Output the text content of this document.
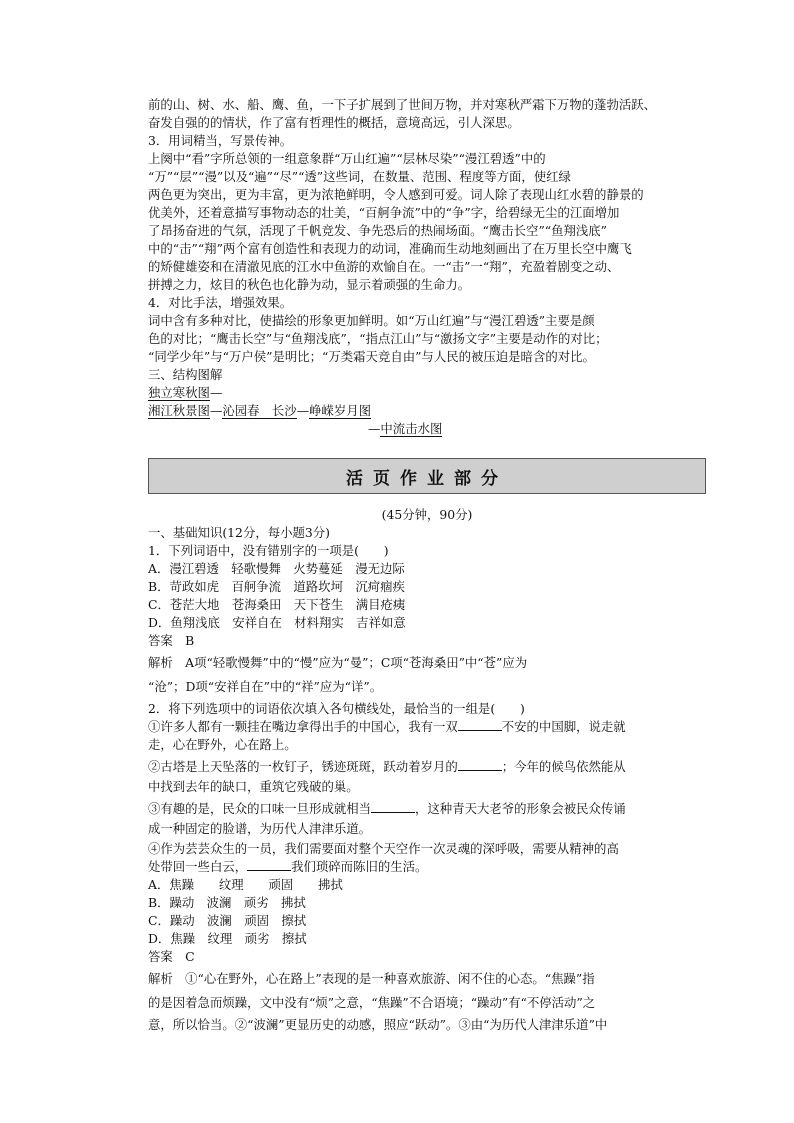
前的山、树、水、船、鹰、鱼，一下子扩展到了世间万物，并对寒秋严霜下万物的蓬勃活跃、
奋发自强的的情状，作了富有哲理性的概括，意境高远，引人深思。
3．用词精当，写景传神。
上阕中“看”字所总领的一组意象群“万山红遍”“层林尽染”“漫江碧透”中的
“万”“层”“漫”以及“遍”“尽”“透”这些词，在数量、范围、程度等方面，使红绿
两色更为突出，更为丰富，更为浓艳鲜明，令人感到可爱。词人除了表现山红水碧的静景的
优美外，还着意描写事物动态的壮美，“百舸争流”中的“争”字，给碧绿无尘的江面增加
了昂扬奋进的气氛，活现了千帆竞发、争先恐后的热闹场面。“鹰击长空”“鱼翔浅底”
中的“击”“翔”两个富有创造性和表现力的动词，准确而生动地刻画出了在万里长空中鹰飞
的矫健雄姿和在清澈见底的江水中鱼游的欢愉自在。一“击”一“翔”，充盈着剧变之动、
拼搏之力，炫目的秋色也化静为动，显示着顽强的生命力。
4．对比手法，增强效果。
词中含有多种对比，使描绘的形象更加鲜明。如“万山红遍”与“漫江碧透”主要是颜
色的对比；“鹰击长空”与“鱼翔浅底”，“指点江山”与“激扬文字”主要是动作的对比；
“同学少年”与“万户侯”是明比；“万类霜天竞自由”与人民的被压迫是暗含的对比。
三、结构图解
独立寒秋图—
湘江秋景图—沁园春　长沙—峥嵘岁月图
—中流击水图
活页作业部分
(45分钟，90分)
一、基础知识(12分，每小题3分)
1．下列词语中，没有错别字的一项是(　　)
A．漫江碧透　轻歌慢舞　火势蔓延　漫无边际
B．苛政如虎　百舸争流　道路坎坷　沉疴痼疾
C．苍茫大地　苍海桑田　天下苍生　满目疮痍
D．鱼翔浅底　安祥自在　材料翔实　吉祥如意
答案　B
解析　A项“轻歌慢舞”中的“慢”应为“曼”；C项“苍海桑田”中“苍”应为
“沧”；D项“安祥自在”中的“祥”应为“详”。
2．将下列选项中的词语依次填入各句横线处，最恰当的一组是(　　)
①许多人都有一颗挂在嘴边拿得出手的中国心，我有一双	不安的中国脚，说走就
走，心在野外，心在路上。
②古塔是上天坠落的一枚钉子，锈迹斑斑，跃动着岁月的	；今年的候鸟依然能从
中找到去年的缺口，重筑它残破的巢。
③有趣的是，民众的口味一旦形成就相当	，这种青天大老爷的形象会被民众传诵
成一种固定的脸谱，为历代人津津乐道。
④作为芸芸众生的一员，我们需要面对整个天空作一次灵魂的深呼吸，需要从精神的高
处带回一些白云，	我们琐碎而陈旧的生活。
A．焦躁　　纹理　　顽固　　拂拭
B．躁动　波澜　顽劣　拂拭
C．躁动　波澜　顽固　擦拭
D．焦躁　纹理　顽劣　擦拭
答案　C
解析　①“心在野外，心在路上”表现的是一种喜欢旅游、闲不住的心态。“焦躁”指
的是因着急而烦躁，文中没有“烦”之意，“焦躁”不合语境；“躁动”有“不停活动”之
意，所以恰当。②“波澜”更显历史的动感，照应“跃动”。③由“为历代人津津乐道”中
